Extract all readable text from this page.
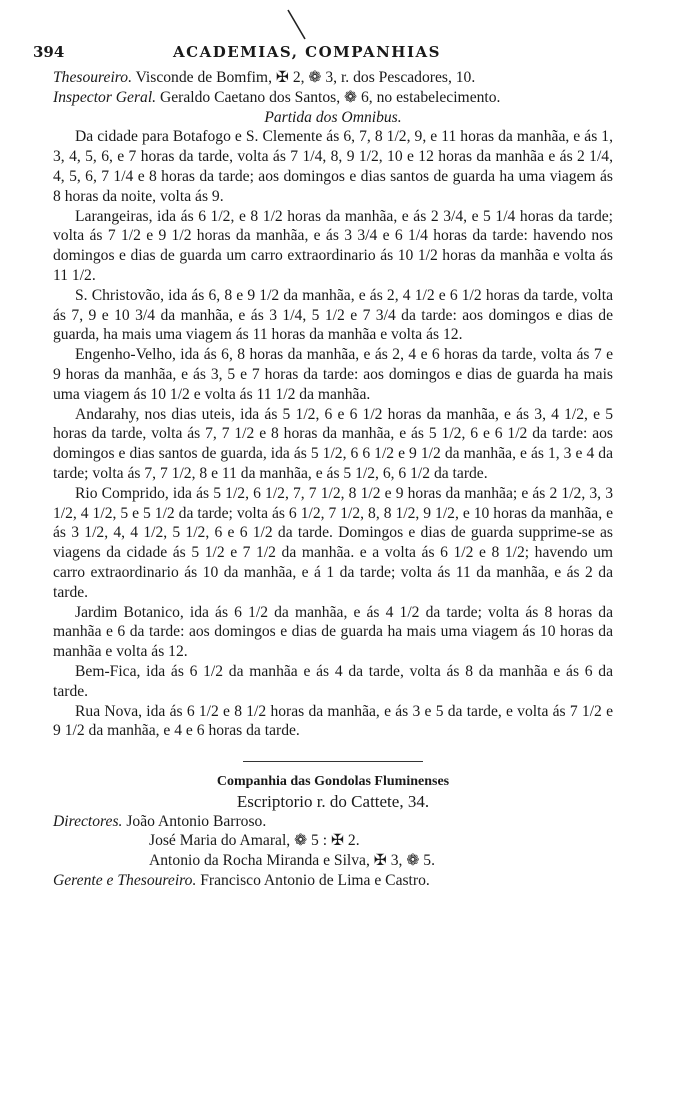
394	ACADEMIAS, COMPANHIAS

Thesoureiro. Visconde de Bomfim, ✠ 2, ❁ 3, r. dos Pescadores, 10.

Inspector Geral. Geraldo Caetano dos Santos, ❁ 6, no estabelecimento.

Partida dos Omnibus.

Da cidade para Botafogo e S. Clemente ás 6, 7, 8 1/2, 9, e 11 horas da manhãa, e ás 1, 3, 4, 5, 6, e 7 horas da tarde, volta ás 7 1/4, 8, 9 1/2, 10 e 12 horas da manhãa e ás 2 1/4, 4, 5, 6, 7 1/4 e 8 horas da tarde; aos domingos e dias santos de guarda ha uma viagem ás 8 horas da noite, volta ás 9.

Larangeiras, ida ás 6 1/2, e 8 1/2 horas da manhãa, e ás 2 3/4, e 5 1/4 horas da tarde; volta ás 7 1/2 e 9 1/2 horas da manhãa, e ás 3 3/4 e 6 1/4 horas da tarde: havendo nos domingos e dias de guarda um carro extraordinario ás 10 1/2 horas da manhãa e volta ás 11 1/2.

S. Christovão, ida ás 6, 8 e 9 1/2 da manhãa, e ás 2, 4 1/2 e 6 1/2 horas da tarde, volta ás 7, 9 e 10 3/4 da manhãa, e ás 3 1/4, 5 1/2 e 7 3/4 da tarde: aos domingos e dias de guarda, ha mais uma viagem ás 11 horas da manhãa e volta ás 12.

Engenho-Velho, ida ás 6, 8 horas da manhãa, e ás 2, 4 e 6 horas da tarde, volta ás 7 e 9 horas da manhãa, e ás 3, 5 e 7 horas da tarde: aos domingos e dias de guarda ha mais uma viagem ás 10 1/2 e volta ás 11 1/2 da manhãa.

Andarahy, nos dias uteis, ida ás 5 1/2, 6 e 6 1/2 horas da manhãa, e ás 3, 4 1/2, e 5 horas da tarde, volta ás 7, 7 1/2 e 8 horas da manhãa, e ás 5 1/2, 6 e 6 1/2 da tarde: aos domingos e dias santos de guarda, ida ás 5 1/2, 6 6 1/2 e 9 1/2 da manhãa, e ás 1, 3 e 4 da tarde; volta ás 7, 7 1/2, 8 e 11 da manhãa, e ás 5 1/2, 6, 6 1/2 da tarde.

Rio Comprido, ida ás 5 1/2, 6 1/2, 7, 7 1/2, 8 1/2 e 9 horas da manhãa; e ás 2 1/2, 3, 3 1/2, 4 1/2, 5 e 5 1/2 da tarde; volta ás 6 1/2, 7 1/2, 8, 8 1/2, 9 1/2, e 10 horas da manhãa, e ás 3 1/2, 4, 4 1/2, 5 1/2, 6 e 6 1/2 da tarde. Domingos e dias de guarda supprime-se as viagens da cidade ás 5 1/2 e 7 1/2 da manhãa. e a volta ás 6 1/2 e 8 1/2; havendo um carro extraordinario ás 10 da manhãa, e á 1 da tarde; volta ás 11 da manhãa, e ás 2 da tarde.

Jardim Botanico, ida ás 6 1/2 da manhãa, e ás 4 1/2 da tarde; volta ás 8 horas da manhãa e 6 da tarde: aos domingos e dias de guarda ha mais uma viagem ás 10 horas da manhãa e volta ás 12.

Bem-Fica, ida ás 6 1/2 da manhãa e ás 4 da tarde, volta ás 8 da manhãa e ás 6 da tarde.

Rua Nova, ida ás 6 1/2 e 8 1/2 horas da manhãa, e ás 3 e 5 da tarde, e volta ás 7 1/2 e 9 1/2 da manhãa, e 4 e 6 horas da tarde.

Companhia das Gondolas Fluminenses

Escriptorio r. do Cattete, 34.

Directores. João Antonio Barroso.
José Maria do Amaral, ❁ 5 : ✠ 2.
Antonio da Rocha Miranda e Silva, ✠ 3, ❁ 5.
Gerente e Thesoureiro. Francisco Antonio de Lima e Castro.
